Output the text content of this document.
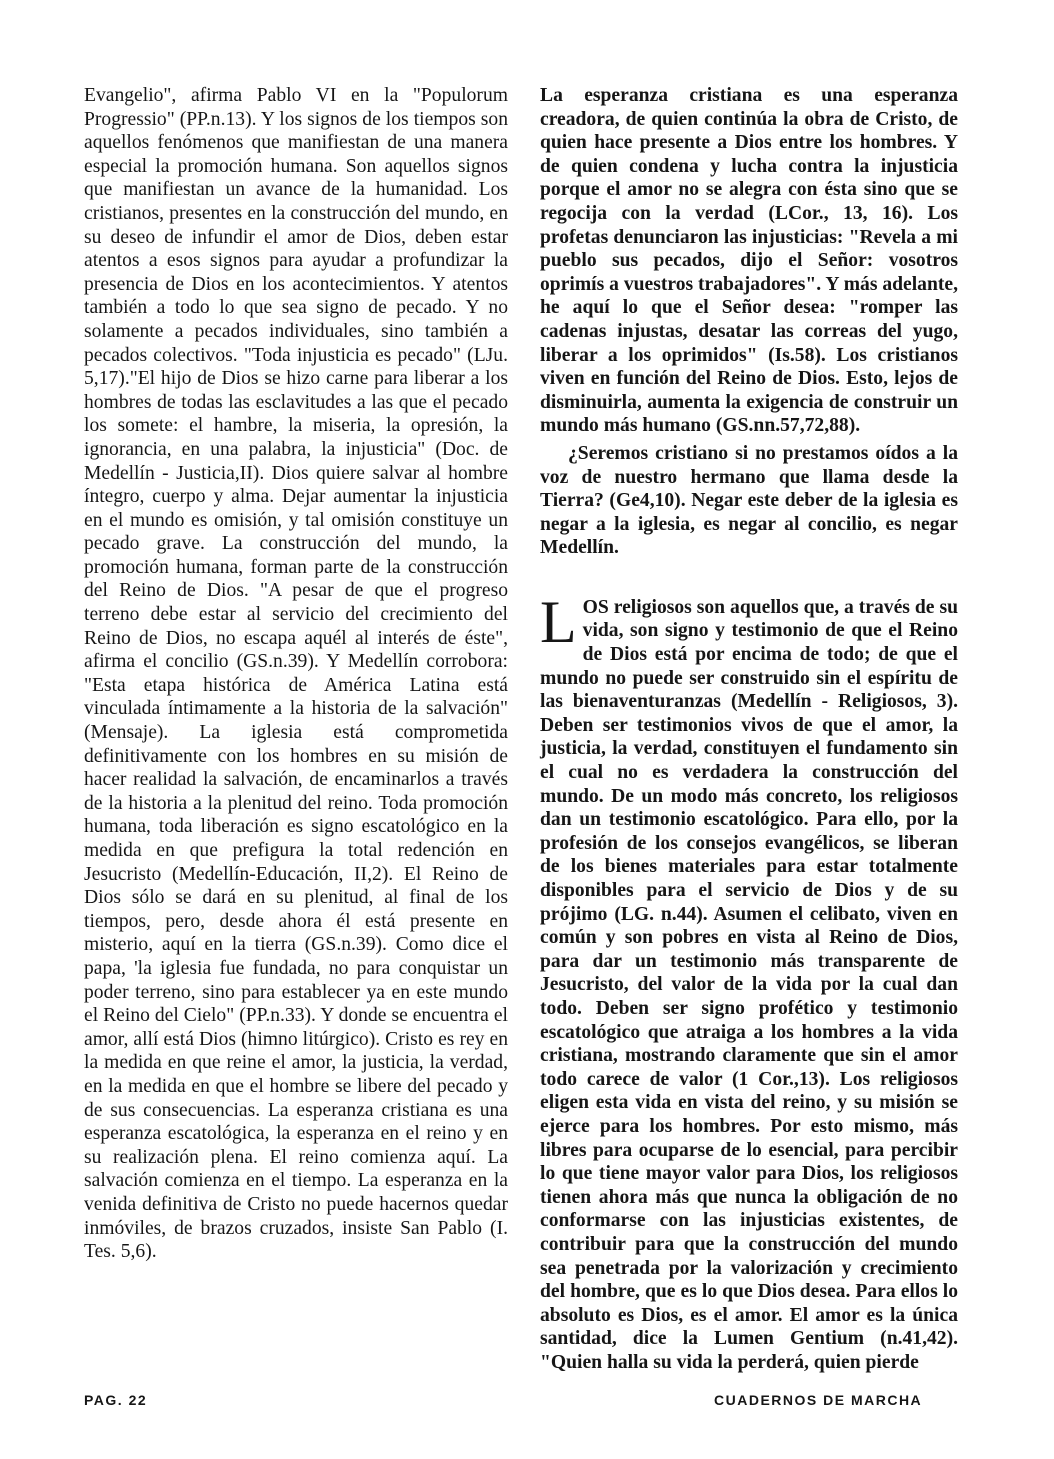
Evangelio", afirma Pablo VI en la "Populorum Progressio" (PP.n.13). Y los signos de los tiempos son aquellos fenómenos que manifiestan de una manera especial la promoción humana. Son aquellos signos que manifiestan un avance de la humanidad. Los cristianos, presentes en la construcción del mundo, en su deseo de infundir el amor de Dios, deben estar atentos a esos signos para ayudar a profundizar la presencia de Dios en los acontecimientos. Y atentos también a todo lo que sea signo de pecado. Y no solamente a pecados individuales, sino también a pecados colectivos. "Toda injusticia es pecado" (LJu. 5,17)."El hijo de Dios se hizo carne para liberar a los hombres de todas las esclavitudes a las que el pecado los somete: el hambre, la miseria, la opresión, la ignorancia, en una palabra, la injusticia" (Doc. de Medellín - Justicia,II). Dios quiere salvar al hombre íntegro, cuerpo y alma. Dejar aumentar la injusticia en el mundo es omisión, y tal omisión constituye un pecado grave. La construcción del mundo, la promoción humana, forman parte de la construcción del Reino de Dios. "A pesar de que el progreso terreno debe estar al servicio del crecimiento del Reino de Dios, no escapa aquél al interés de éste", afirma el concilio (GS.n.39). Y Medellín corrobora: "Esta etapa histórica de América Latina está vinculada íntimamente a la historia de la salvación" (Mensaje). La iglesia está comprometida definitivamente con los hombres en su misión de hacer realidad la salvación, de encaminarlos a través de la historia a la plenitud del reino. Toda promoción humana, toda liberación es signo escatológico en la medida en que prefigura la total redención en Jesucristo (Medellín-Educación, II,2). El Reino de Dios sólo se dará en su plenitud, al final de los tiempos, pero, desde ahora él está presente en misterio, aquí en la tierra (GS.n.39). Como dice el papa, 'la iglesia fue fundada, no para conquistar un poder terreno, sino para establecer ya en este mundo el Reino del Cielo" (PP.n.33). Y donde se encuentra el amor, allí está Dios (himno litúrgico). Cristo es rey en la medida en que reine el amor, la justicia, la verdad, en la medida en que el hombre se libere del pecado y de sus consecuencias. La esperanza cristiana es una esperanza escatológica, la esperanza en el reino y en su realización plena. El reino comienza aquí. La salvación comienza en el tiempo. La esperanza en la venida definitiva de Cristo no puede hacernos quedar inmóviles, de brazos cruzados, insiste San Pablo (I. Tes. 5,6).

La esperanza cristiana es una esperanza creadora, de quien continúa la obra de Cristo, de quien hace presente a Dios entre los hombres. Y de quien condena y lucha contra la injusticia porque el amor no se alegra con ésta sino que se regocija con la verdad (LCor., 13, 16). Los profetas denunciaron las injusticias: "Revela a mi pueblo sus pecados, dijo el Señor: vosotros oprimís a vuestros trabajadores". Y más adelante, he aquí lo que el Señor desea: "romper las cadenas injustas, desatar las correas del yugo, liberar a los oprimidos" (Is.58). Los cristianos viven en función del Reino de Dios. Esto, lejos de disminuirla, aumenta la exigencia de construir un mundo más humano (GS.nn.57,72,88).

¿Seremos cristiano si no prestamos oídos a la voz de nuestro hermano que llama desde la Tierra? (Ge4,10). Negar este deber de la iglesia es negar a la iglesia, es negar al concilio, es negar Medellín.

L OS religiosos son aquellos que, a través de su vida, son signo y testimonio de que el Reino de Dios está por encima de todo; de que el mundo no puede ser construido sin el espíritu de las bienaventuranzas (Medellín - Religiosos, 3). Deben ser testimonios vivos de que el amor, la justicia, la verdad, constituyen el fundamento sin el cual no es verdadera la construcción del mundo. De un modo más concreto, los religiosos dan un testimonio escatológico. Para ello, por la profesión de los consejos evangélicos, se liberan de los bienes materiales para estar totalmente disponibles para el servicio de Dios y de su prójimo (LG. n.44). Asumen el celibato, viven en común y son pobres en vista al Reino de Dios, para dar un testimonio más transparente de Jesucristo, del valor de la vida por la cual dan todo. Deben ser signo profético y testimonio escatológico que atraiga a los hombres a la vida cristiana, mostrando claramente que sin el amor todo carece de valor (1 Cor.,13). Los religiosos eligen esta vida en vista del reino, y su misión se ejerce para los hombres. Por esto mismo, más libres para ocuparse de lo esencial, para percibir lo que tiene mayor valor para Dios, los religiosos tienen ahora más que nunca la obligación de no conformarse con las injusticias existentes, de contribuir para que la construcción del mundo sea penetrada por la valorización y crecimiento del hombre, que es lo que Dios desea. Para ellos lo absoluto es Dios, es el amor. El amor es la única santidad, dice la Lumen Gentium (n.41,42). "Quien halla su vida la perderá, quien pierde
PAG. 22	CUADERNOS DE MARCHA
